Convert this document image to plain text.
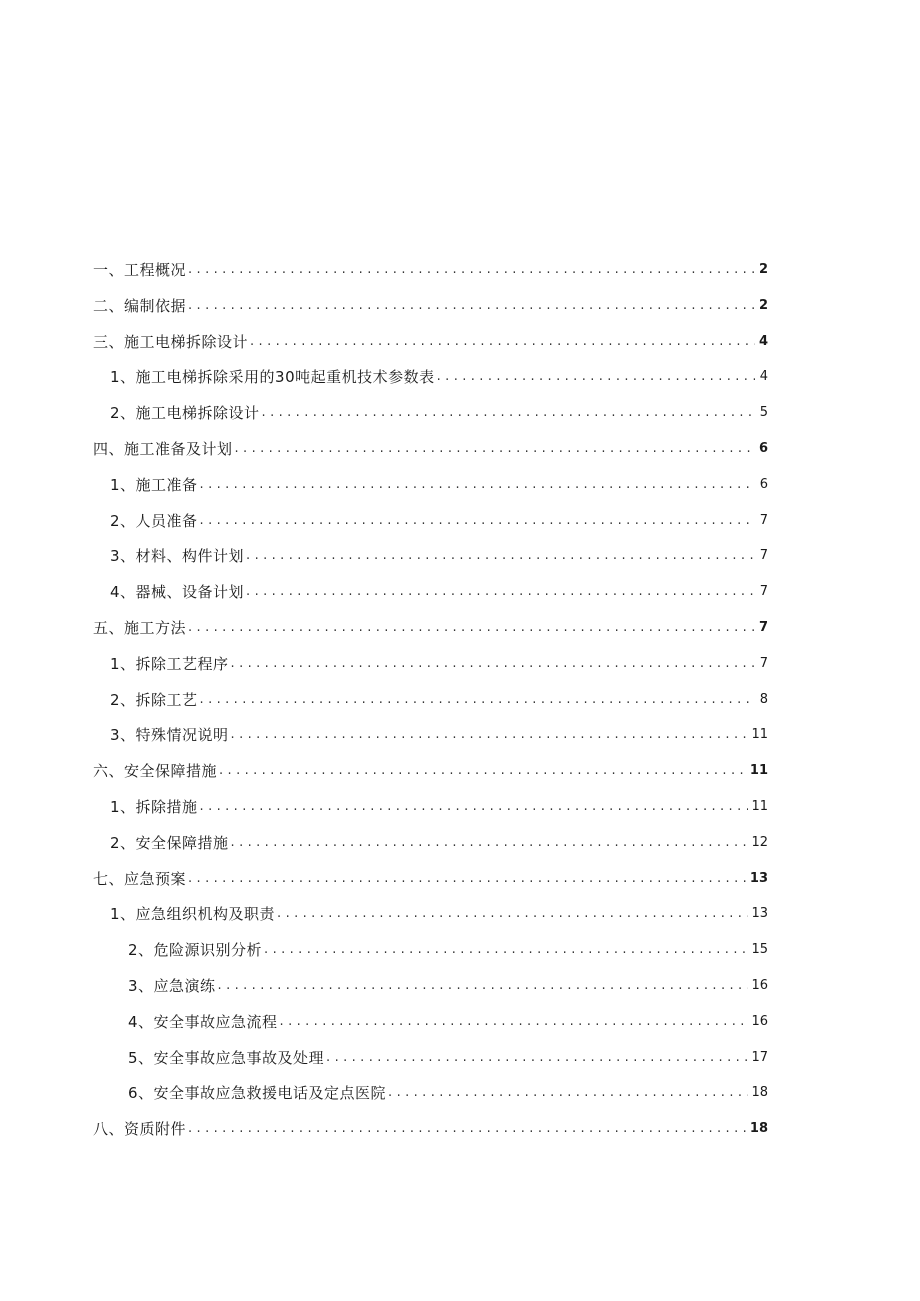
一、工程概况 .....	2
二、编制依据 .....	2
三、施工电梯拆除设计 .....	4
1、施工电梯拆除采用的30吨起重机技术参数表 .....	4
2、施工电梯拆除设计 .....	5
四、施工准备及计划 .....	6
1、施工准备 .....	6
2、人员准备 .....	7
3、材料、构件计划 .....	7
4、器械、设备计划 .....	7
五、施工方法 .....	7
1、拆除工艺程序 .....	7
2、拆除工艺 .....	8
3、特殊情况说明 .....	11
六、安全保障措施 .....	11
1、拆除措施 .....	11
2、安全保障措施 .....	12
七、应急预案 .....	13
1、应急组织机构及职责 .....	13
2、危险源识别分析 .....	15
3、应急演练 .....	16
4、安全事故应急流程 .....	16
5、安全事故应急事故及处理 .....	17
6、安全事故应急救援电话及定点医院 .....	18
八、资质附件 .....	18
